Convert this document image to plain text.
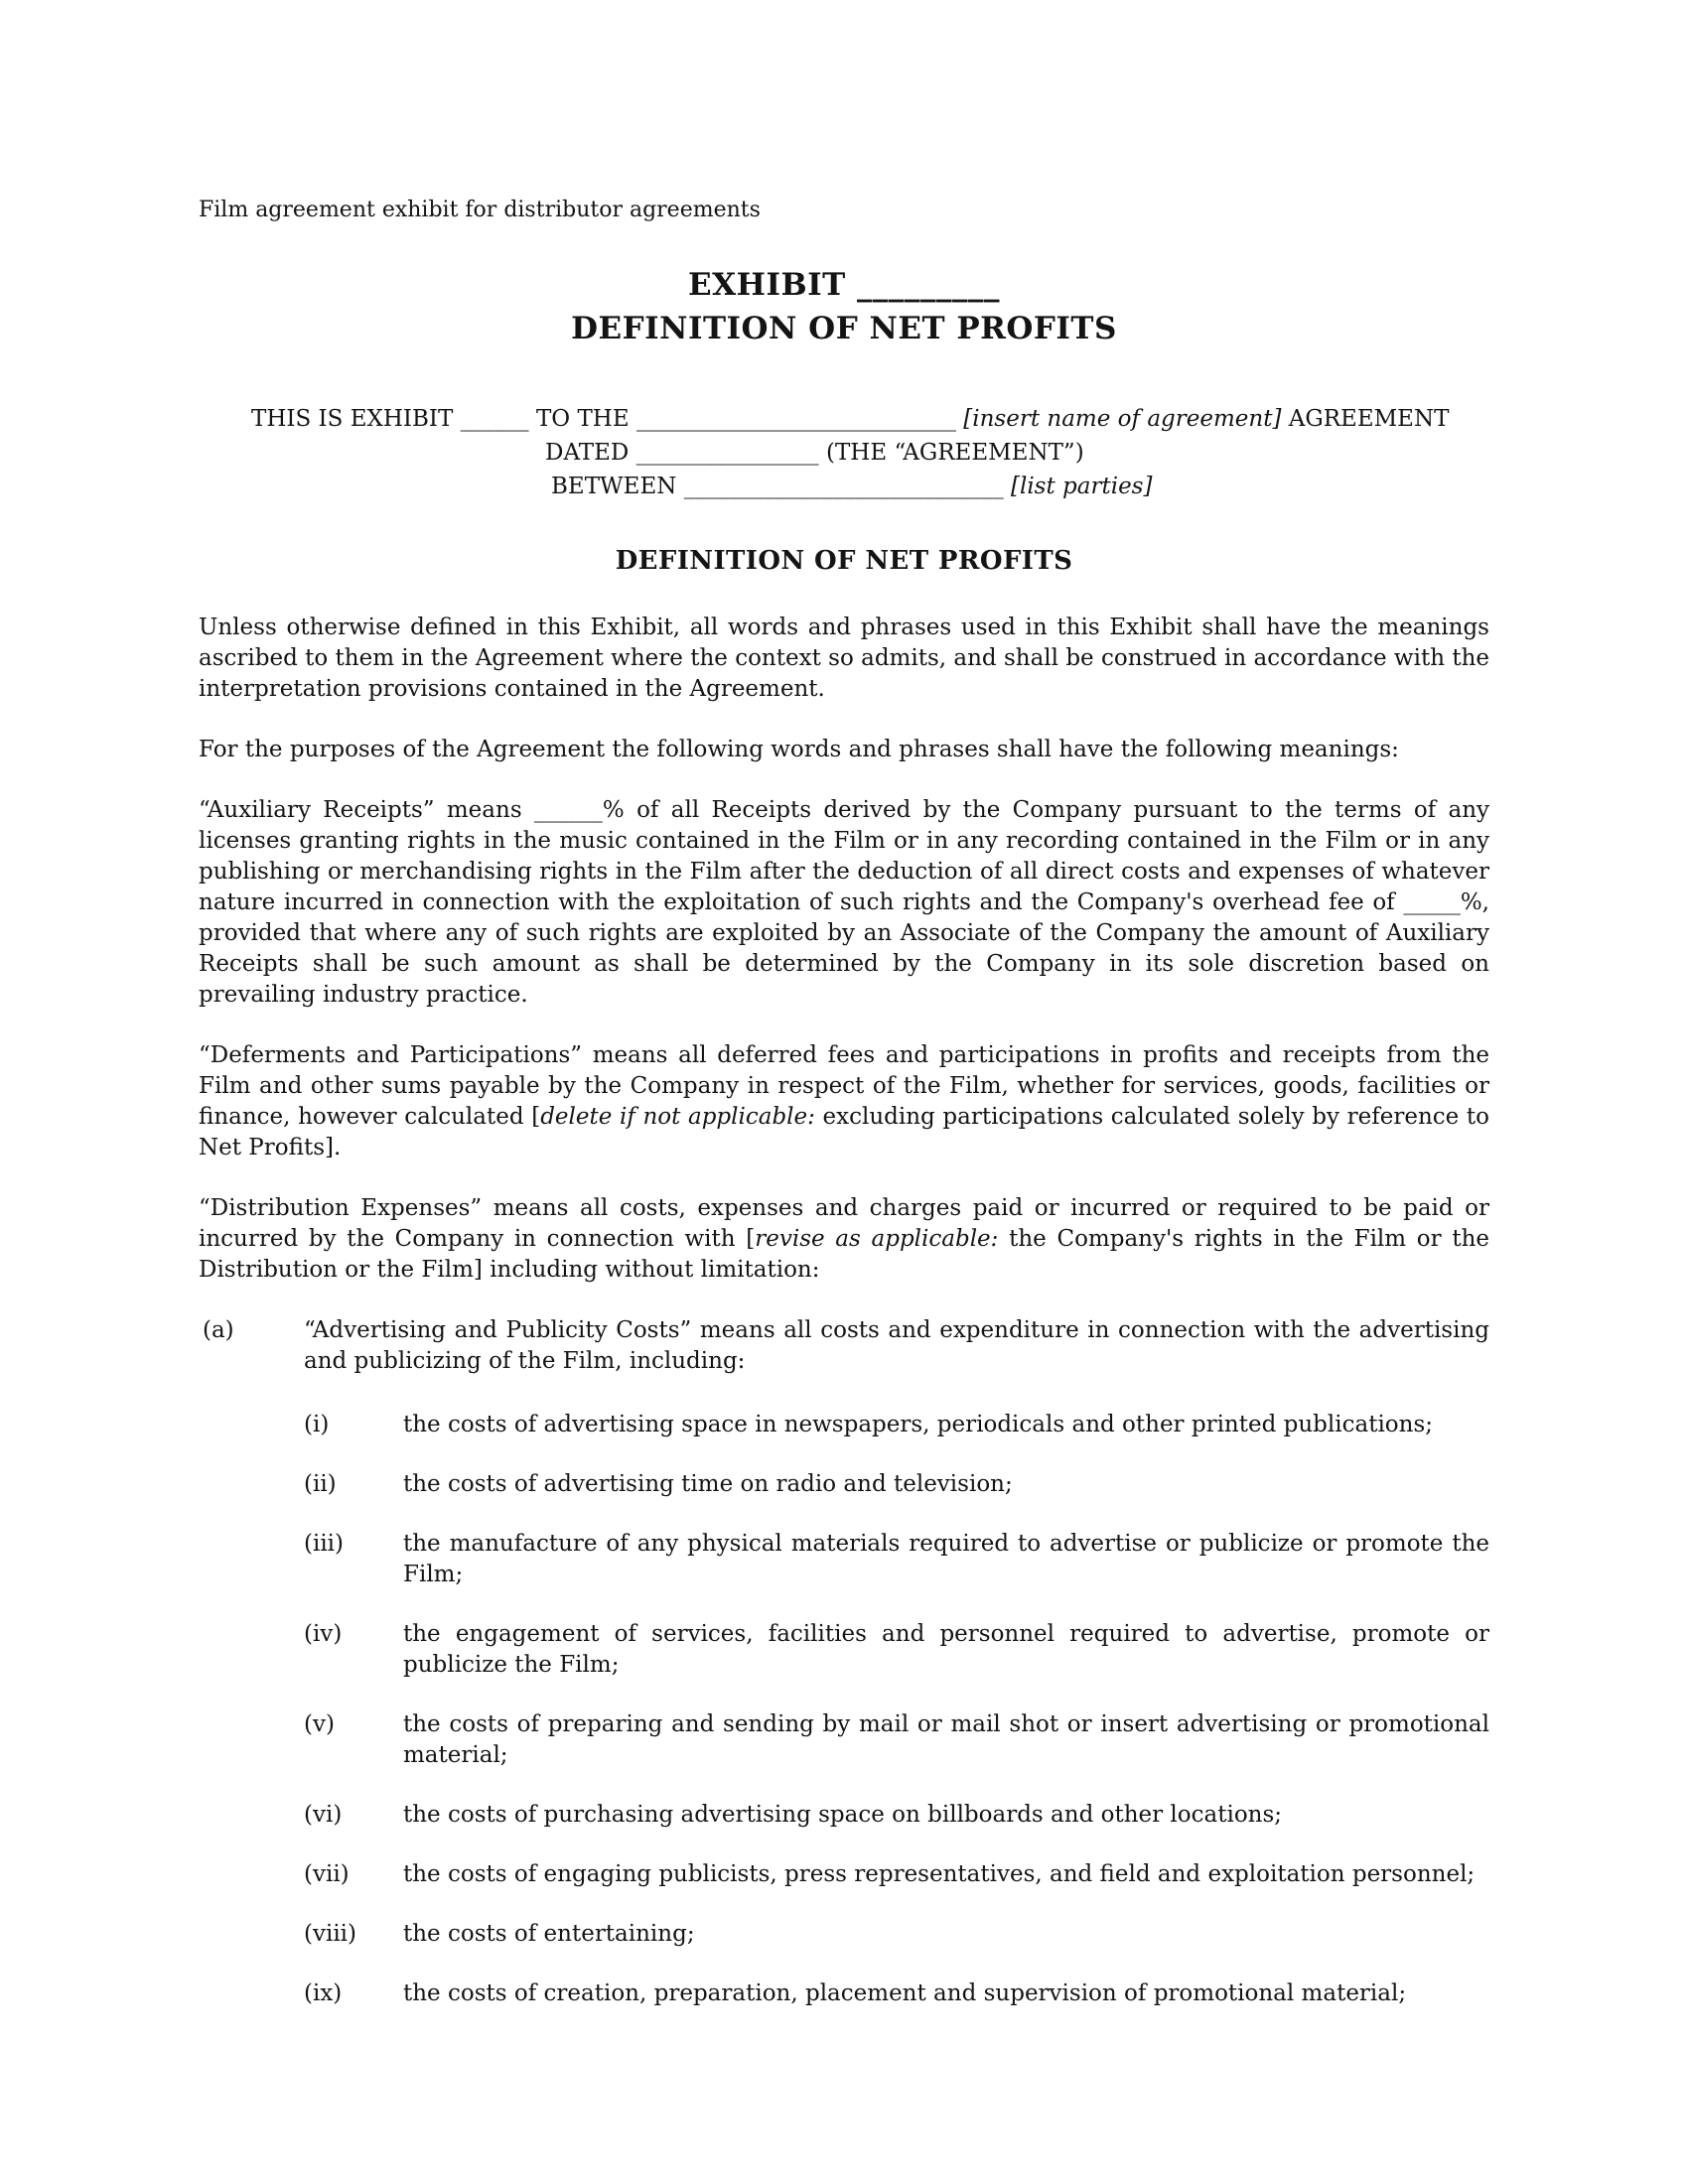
Film agreement exhibit for distributor agreements
EXHIBIT _________
DEFINITION OF NET PROFITS
THIS IS EXHIBIT ______ TO THE ____________________________ [insert name of agreement] AGREEMENT
DATED ________________ (THE “AGREEMENT”)
BETWEEN ____________________________ [list parties]
DEFINITION OF NET PROFITS

Unless otherwise defined in this Exhibit, all words and phrases used in this Exhibit shall have the meanings ascribed to them in the Agreement where the context so admits, and shall be construed in accordance with the interpretation provisions contained in the Agreement.

For the purposes of the Agreement the following words and phrases shall have the following meanings:

“Auxiliary Receipts” means ______% of all Receipts derived by the Company pursuant to the terms of any licenses granting rights in the music contained in the Film or in any recording contained in the Film or in any publishing or merchandising rights in the Film after the deduction of all direct costs and expenses of whatever nature incurred in connection with the exploitation of such rights and the Company's overhead fee of _____%, provided that where any of such rights are exploited by an Associate of the Company the amount of Auxiliary Receipts shall be such amount as shall be determined by the Company in its sole discretion based on prevailing industry practice.

“Deferments and Participations” means all deferred fees and participations in profits and receipts from the Film and other sums payable by the Company in respect of the Film, whether for services, goods, facilities or finance, however calculated [delete if not applicable: excluding participations calculated solely by reference to Net Profits].

“Distribution Expenses” means all costs, expenses and charges paid or incurred or required to be paid or incurred by the Company in connection with [revise as applicable: the Company's rights in the Film or the Distribution or the Film] including without limitation:

(a)	“Advertising and Publicity Costs” means all costs and expenditure in connection with the advertising and publicizing of the Film, including:
(i)	the costs of advertising space in newspapers, periodicals and other printed publications;
(ii)	the costs of advertising time on radio and television;
(iii)	the manufacture of any physical materials required to advertise or publicize or promote the Film;
(iv)	the engagement of services, facilities and personnel required to advertise, promote or publicize the Film;
(v)	the costs of preparing and sending by mail or mail shot or insert advertising or promotional material;
(vi)	the costs of purchasing advertising space on billboards and other locations;
(vii) the costs of engaging publicists, press representatives, and field and exploitation personnel;
(viii) the costs of entertaining;
(ix)	the costs of creation, preparation, placement and supervision of promotional material;
